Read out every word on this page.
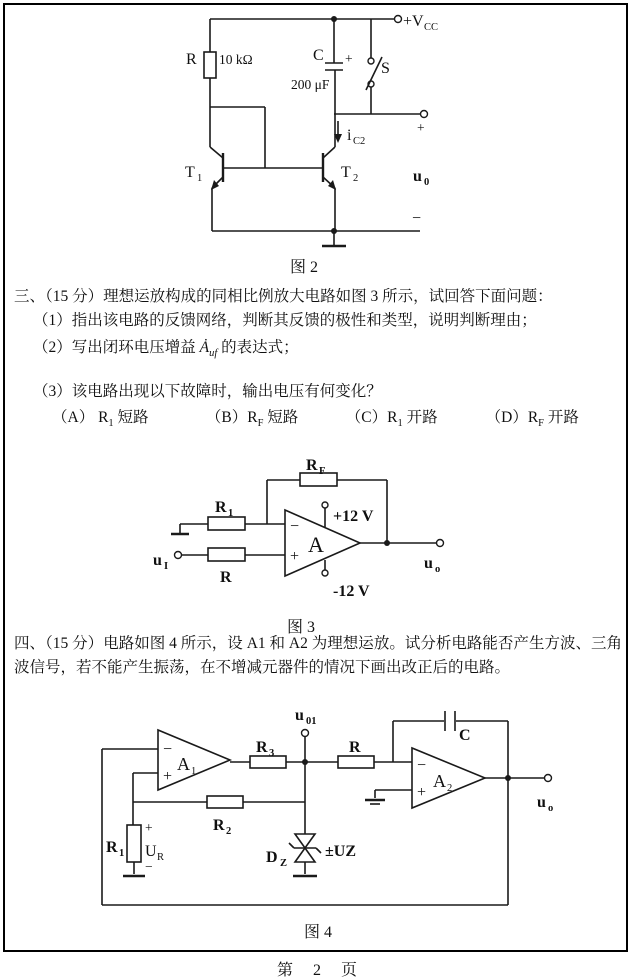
R 10 kΩ	C +
200 μF
S
+V CC
i C2
T 1	T 2	u 0
+
−
图 2
三、（15 分）理想运放构成的同相比例放大电路如图 3 所示，试回答下面问题：
（1）指出该电路的反馈网络，判断其反馈的极性和类型，说明判断理由；
（2）写出闭环电压增益 $Ȧ_{uf}$ 的表达式；
（3）该电路出现以下故障时，输出电压有何变化？
（A） $R_1$ 短路	$(B)R_F$ 短路	$(C)R_1$ 开路	$(D)R_F$ 开路
R F
R 1
R
u I
−
+ A
+12 V
-12 V
u o
图 3
四、（15 分）电路如图 4 所示，设 A1 和 A2 为理想运放。试分析电路能否产生方波、三角波信号，若不能产生振荡，在不增减元器件的情况下画出改正后的电路。
−
+
A 1	−
+
A 2
R 3	R
C
u 01
R 2
R 1
+
U R
−
D Z
±UZ
u o
图 4
第　2　页
